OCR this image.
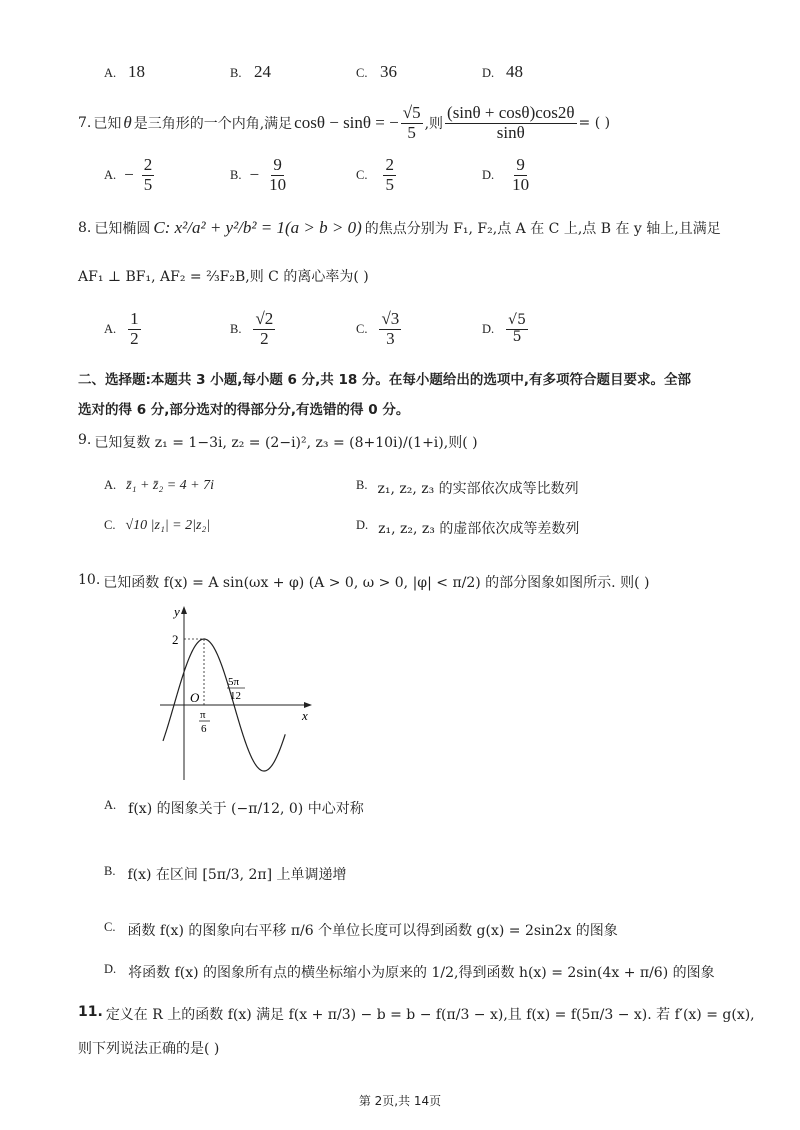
A. 18	B. 24	C. 36	D. 48
7. 已知 θ 是三角形的一个内角,满足 cosθ − sinθ = − $\frac{√5}{5}$ ,则 $\frac{(\sin\theta + \cos\theta)\cos 2\theta}{\sin\theta}$ = ( )
A. − $\frac{2}{5}$	B. − $\frac{9}{10}$	C. $\frac{2}{5}$	D. $\frac{9}{10}$
8. 已知椭圆 C: x²/a² + y²/b² = 1(a > b > 0) 的焦点分别为 F₁, F₂,点 A 在 C 上,点 B 在 y 轴上,且满足
AF₁ ⊥ BF₁, AF₂ = ⅔F₂B,则 C 的离心率为( )
A. $\frac{1}{2}$	B. $\frac{√2}{2}$	C. $\frac{√3}{3}$	D. $\frac{√5}{5}$
二、选择题:本题共 3 小题,每小题 6 分,共 18 分。在每小题给出的选项中,有多项符合题目要求。全部
选对的得 6 分,部分选对的得部分分,有选错的得 0 分。
9. 已知复数 z₁ = 1−3i, z₂ = (2−i)², z₃ = (8+10i)/(1+i),则( )
A. z̄₁ + z̄₂ = 4 + 7i	B. z₁, z₂, z₃ 的实部依次成等比数列
C. √10 |z₁| = 2|z₂|	D. z₁, z₂, z₃ 的虚部依次成等差数列
10. 已知函数 f(x) = A sin(ωx + φ) (A > 0, ω > 0, |φ| < π/2) 的部分图象如图所示. 则( )
y
x
2
O
π
6
5π
12
A. f(x) 的图象关于 (−π/12, 0) 中心对称
B. f(x) 在区间 [5π/3, 2π] 上单调递增
C. 函数 f(x) 的图象向右平移 π/6 个单位长度可以得到函数 g(x) = 2sin2x 的图象
D. 将函数 f(x) 的图象所有点的横坐标缩小为原来的 1/2,得到函数 h(x) = 2sin(4x + π/6) 的图象
11. 定义在 R 上的函数 f(x) 满足 f(x + π/3) − b = b − f(π/3 − x),且 f(x) = f(5π/3 − x). 若 f′(x) = g(x),
则下列说法正确的是( )
第 2页,共 14页
